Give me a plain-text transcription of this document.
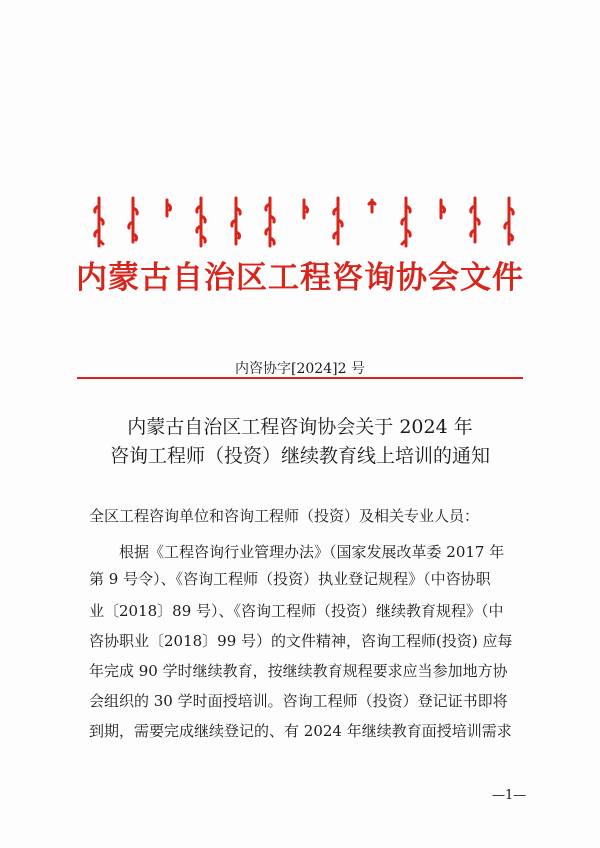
内蒙古自治区工程咨询协会文件
内咨协字[2024]2 号
内蒙古自治区工程咨询协会关于 2024 年
咨询工程师（投资）继续教育线上培训的通知
全区工程咨询单位和咨询工程师（投资）及相关专业人员：
根据《工程咨询行业管理办法》（国家发展改革委 2017 年
第 9 号令）、《咨询工程师（投资）执业登记规程》（中咨协职
业〔2018〕89 号）、《咨询工程师（投资）继续教育规程》（中
咨协职业〔2018〕99 号）的文件精神，咨询工程师(投资) 应每
年完成 90 学时继续教育，按继续教育规程要求应当参加地方协
会组织的 30 学时面授培训。咨询工程师（投资）登记证书即将
到期，需要完成继续登记的、有 2024 年继续教育面授培训需求
—1—
